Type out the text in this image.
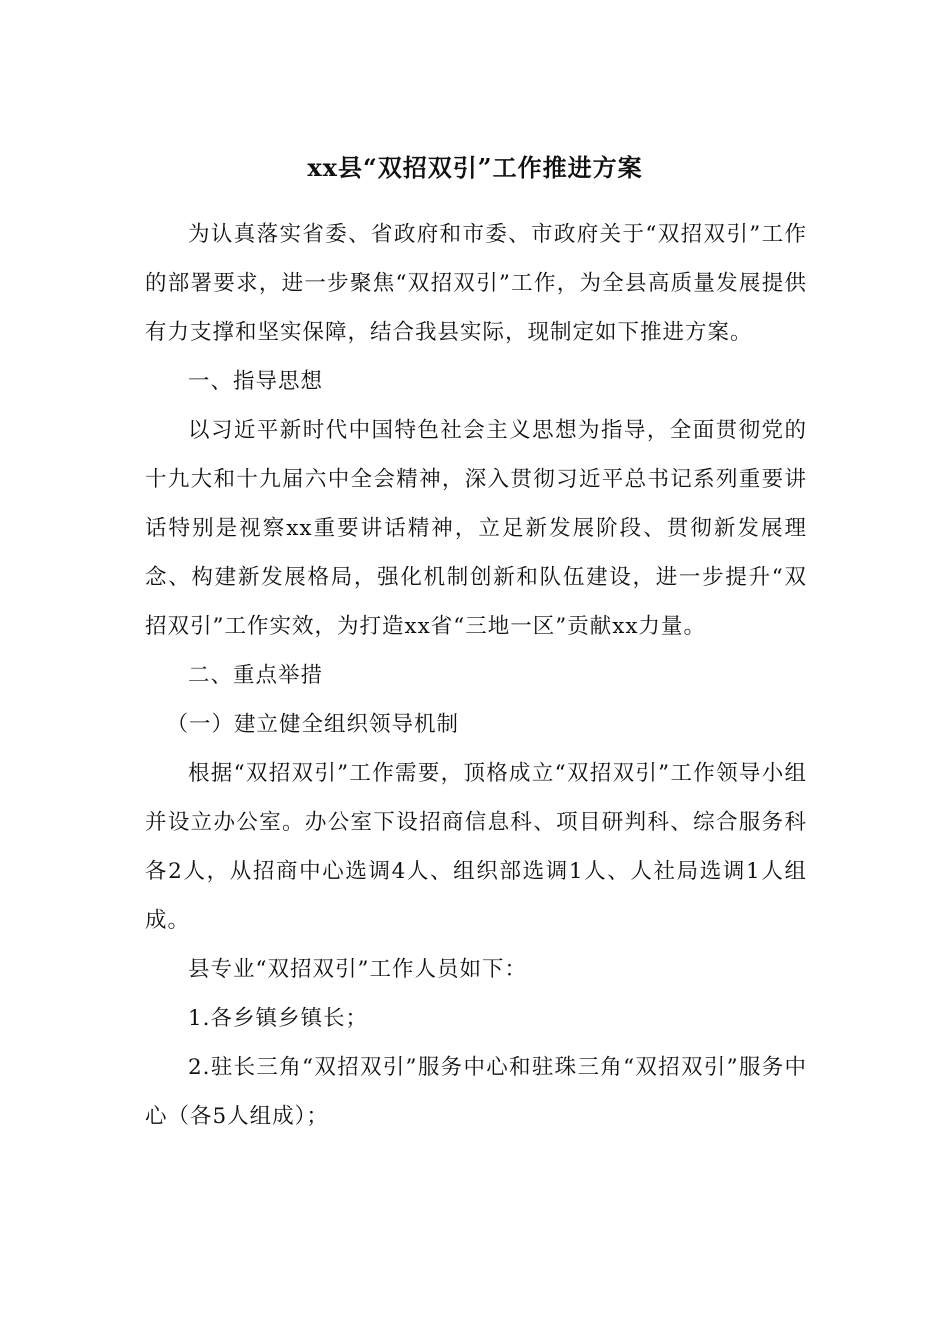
xx县“双招双引”工作推进方案

为认真落实省委、省政府和市委、市政府关于“双招双引”工作的部署要求，进一步聚焦“双招双引”工作，为全县高质量发展提供有力支撑和坚实保障，结合我县实际，现制定如下推进方案。

一、指导思想

以习近平新时代中国特色社会主义思想为指导，全面贯彻党的十九大和十九届六中全会精神，深入贯彻习近平总书记系列重要讲话特别是视察xx重要讲话精神，立足新发展阶段、贯彻新发展理念、构建新发展格局，强化机制创新和队伍建设，进一步提升“双招双引”工作实效，为打造xx省“三地一区”贡献xx力量。

二、重点举措

（一）建立健全组织领导机制

根据“双招双引”工作需要，顶格成立“双招双引”工作领导小组并设立办公室。办公室下设招商信息科、项目研判科、综合服务科各2人，从招商中心选调4人、组织部选调1人、人社局选调1人组成。

县专业“双招双引”工作人员如下：

1.各乡镇乡镇长；

2.驻长三角“双招双引”服务中心和驻珠三角“双招双引”服务中心（各5人组成）；
